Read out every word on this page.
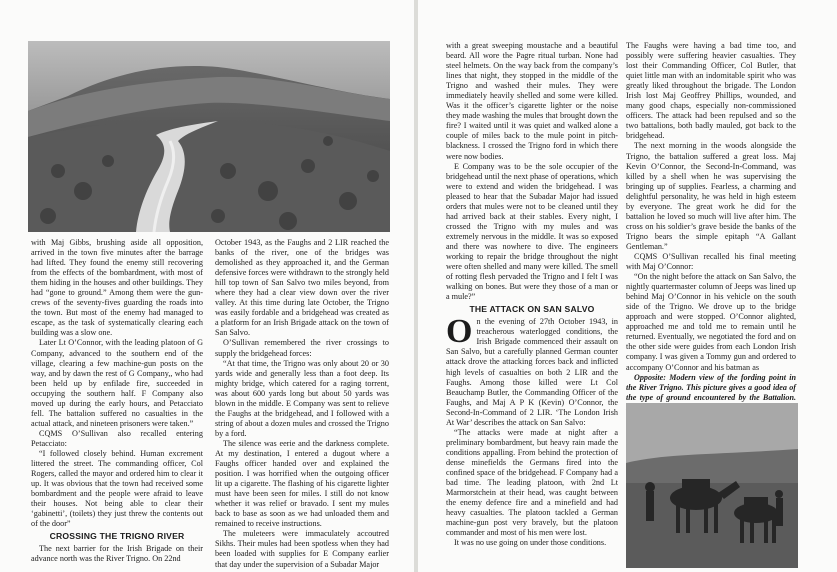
with Maj Gibbs, brushing aside all opposition, arrived in the town five minutes after the barrage had lifted. They found the enemy still recovering from the effects of the bombardment, with most of them hiding in the houses and other buildings. They had “gone to ground.” Among them were the gun-crews of the seventy-fives guarding the roads into the town. But most of the enemy had managed to escape, as the task of systematically clearing each building was a slow one.

Later Lt O’Connor, with the leading platoon of G Company, advanced to the southern end of the village, clearing a few machine-gun posts on the way, and by dawn the rest of G Company,, who had been held up by enfilade fire, succeeded in occupying the southern half. F Company also moved up during the early hours, and Petacciato fell. The battalion suffered no casualties in the actual attack, and nineteen prisoners were taken.”

CQMS O’Sullivan also recalled entering Petacciato:

“I followed closely behind. Human excrement littered the street. The commanding officer, Col Rogers, called the mayor and ordered him to clear it up. It was obvious that the town had received some bombardment and the people were afraid to leave their houses. Not being able to clear their ‘gabinetti’, (toilets) they just threw the contents out of the door”

CROSSING THE TRIGNO RIVER

The next barrier for the Irish Brigade on their advance north was the River Trigno. On 22nd

October 1943, as the Faughs and 2 LIR reached the banks of the river, one of the bridges was demolished as they approached it, and the German defensive forces were withdrawn to the strongly held hill top town of San Salvo two miles beyond, from where they had a clear view down over the river valley. At this time during late October, the Trigno was easily fordable and a bridgehead was created as a platform for an Irish Brigade attack on the town of San Salvo.

O’Sullivan remembered the river crossings to supply the bridgehead forces:

“At that time, the Trigno was only about 20 or 30 yards wide and generally less than a foot deep. Its mighty bridge, which catered for a raging torrent, was about 600 yards long but about 50 yards was blown in the middle. E Company was sent to relieve the Faughs at the bridgehead, and I followed with a string of about a dozen mules and crossed the Trigno by a ford.

The silence was eerie and the darkness complete. At my destination, I entered a dugout where a Faughs officer handed over and explained the position. I was horrified when the outgoing officer lit up a cigarette. The flashing of his cigarette lighter must have been seen for miles. I still do not know whether it was relief or bravado. I sent my mules back to base as soon as we had unloaded them and remained to receive instructions.

The muleteers were immaculately accoutred Sikhs. Their mules had been spotless when they had been loaded with supplies for E Company earlier that day under the supervision of a Subadar Major

with a great sweeping moustache and a beautiful beard. All wore the Pagre ritual turban. None had steel helmets. On the way back from the company’s lines that night, they stopped in the middle of the Trigno and washed their mules. They were immediately heavily shelled and some were killed. Was it the officer’s cigarette lighter or the noise they made washing the mules that brought down the fire? I waited until it was quiet and walked alone a couple of miles back to the mule point in pitch-blackness. I crossed the Trigno ford in which there were now bodies.

E Company was to be the sole occupier of the bridgehead until the next phase of operations, which were to extend and widen the bridgehead. I was pleased to hear that the Subadar Major had issued orders that mules were not to be cleaned until they had arrived back at their stables. Every night, I crossed the Trigno with my mules and was extremely nervous in the middle. It was so exposed and there was nowhere to dive. The engineers working to repair the bridge throughout the night were often shelled and many were killed. The smell of rotting flesh pervaded the Trigno and I felt I was walking on bones. But were they those of a man or a mule?”

THE ATTACK ON SAN SALVO

On the evening of 27th October 1943, in treacherous waterlogged conditions, the Irish Brigade commenced their assault on San Salvo, but a carefully planned German counter attack drove the attacking forces back and inflicted high levels of casualties on both 2 LIR and the Faughs. Among those killed were Lt Col Beauchamp Butler, the Commanding Officer of the Faughs, and Maj A P K (Kevin) O’Connor, the Second-In-Command of 2 LIR. ‘The London Irish At War’ describes the attack on San Salvo:

“The attacks were made at night after a preliminary bombardment, but heavy rain made the conditions appalling. From behind the protection of dense minefields the Germans fired into the confined space of the bridgehead. F Company had a bad time. The leading platoon, with 2nd Lt Marmorstchein at their head, was caught between the enemy defence fire and a minefield and had heavy casualties. The platoon tackled a German machine-gun post very bravely, but the platoon commander and most of his men were lost.

It was no use going on under those conditions.

The Faughs were having a bad time too, and possibly were suffering heavier casualties. They lost their Commanding Officer, Col Butler, that quiet little man with an indomitable spirit who was greatly liked throughout the brigade. The London Irish lost Maj Geoffrey Phillips, wounded, and many good chaps, especially non-commissioned officers. The attack had been repulsed and so the two battalions, both badly mauled, got back to the bridgehead.

The next morning in the woods alongside the Trigno, the battalion suffered a great loss. Maj Kevin O’Connor, the Second-In-Command, was killed by a shell when he was supervising the bringing up of supplies. Fearless, a charming and delightful personality, he was held in high esteem by everyone. The great work he did for the battalion he loved so much will live after him. The cross on his soldier’s grave beside the banks of the Trigno bears the simple epitaph “A Gallant Gentleman.”

CQMS O’Sullivan recalled his final meeting with Maj O’Connor:

“On the night before the attack on San Salvo, the nightly quartermaster column of Jeeps was lined up behind Maj O’Connor in his vehicle on the south side of the Trigno. We drove up to the bridge approach and were stopped. O’Connor alighted, approached me and told me to remain until he returned. Eventually, we negotiated the ford and on the other side were guides from each London Irish company. I was given a Tommy gun and ordered to accompany O’Connor and his batman as

Opposite: Modern view of the fording point in the River Trigno. This picture gives a good idea of the type of ground encountered by the Battalion.
